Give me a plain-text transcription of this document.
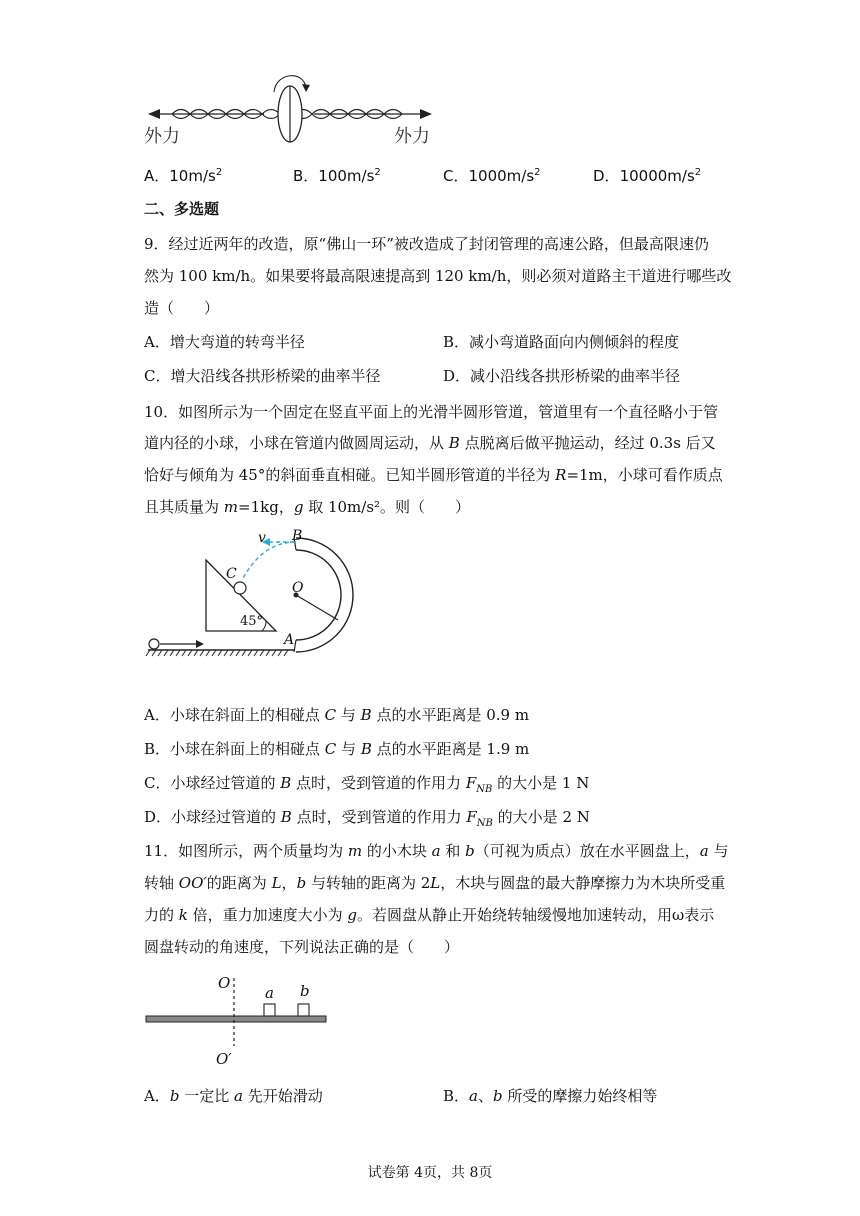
外力	外力
A．$10m/s^2$	B．$100m/s^2$	C．$1000m/s^2$	D．$10000m/s^2$
二、多选题
9．经过近两年的改造，原“佛山一环”被改造成了封闭管理的高速公路，但最高限速仍
然为 100 km/h。如果要将最高限速提高到 120 km/h，则必须对道路主干道进行哪些改
造（　　）
A．增大弯道的转弯半径	B．减小弯道路面向内侧倾斜的程度
C．增大沿线各拱形桥梁的曲率半径	D．减小沿线各拱形桥梁的曲率半径
10．如图所示为一个固定在竖直平面上的光滑半圆形管道，管道里有一个直径略小于管
道内径的小球，小球在管道内做圆周运动，从 B 点脱离后做平抛运动，经过 0.3s 后又
恰好与倾角为 45°的斜面垂直相碰。已知半圆形管道的半径为 R=1m，小球可看作质点
且其质量为 m=1kg，g 取 10m/s²。则（　　）
v B
C
O
A
45°
A．小球在斜面上的相碰点 C 与 B 点的水平距离是 0.9 m
B．小球在斜面上的相碰点 C 与 B 点的水平距离是 1.9 m
C．小球经过管道的 B 点时，受到管道的作用力 $F_{NB}$ 的大小是 1 N
D．小球经过管道的 B 点时，受到管道的作用力 $F_{NB}$ 的大小是 2 N
11．如图所示，两个质量均为 m 的小木块 a 和 b（可视为质点）放在水平圆盘上，a 与
转轴 OO′的距离为 L，b 与转轴的距离为 2L，木块与圆盘的最大静摩擦力为木块所受重
力的 k 倍，重力加速度大小为 g。若圆盘从静止开始绕转轴缓慢地加速转动，用ω表示
圆盘转动的角速度，下列说法正确的是（　　）
O
O′
a b
A．b 一定比 a 先开始滑动	B．a、b 所受的摩擦力始终相等
试卷第 4页，共 8页
